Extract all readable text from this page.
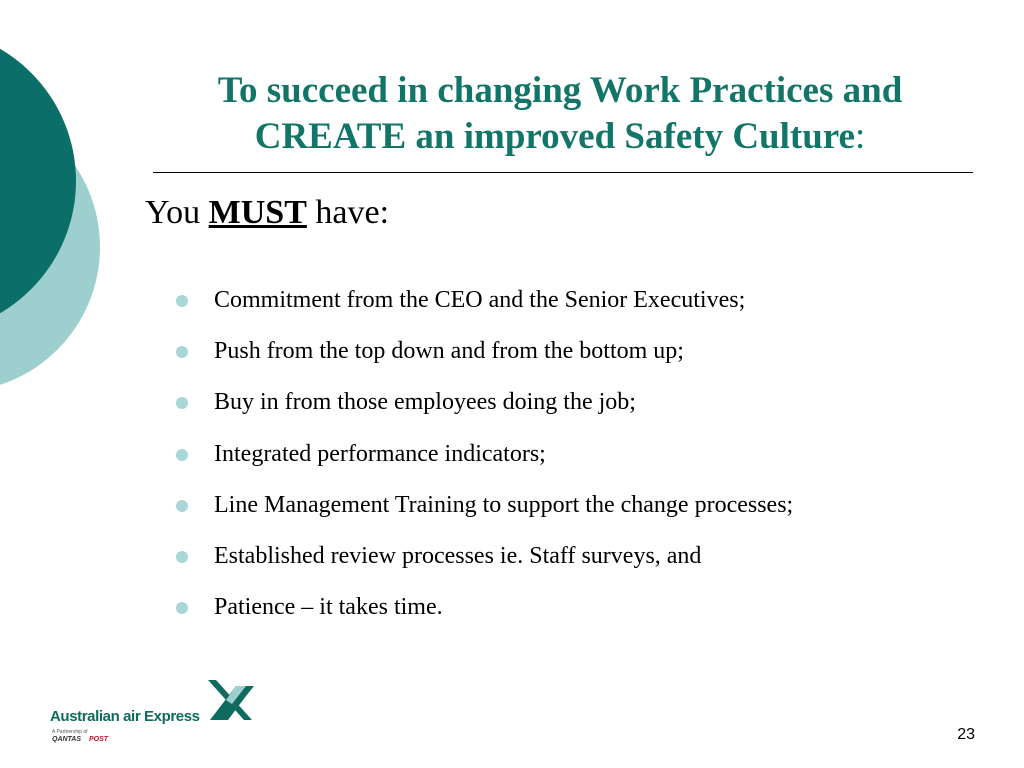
To succeed in changing Work Practices and
CREATE an improved Safety Culture:
You MUST have:
Commitment from the CEO and the Senior Executives;
Push from the top down and from the bottom up;
Buy in from those employees doing the job;
Integrated performance indicators;
Line Management Training to support the change processes;
Established review processes ie. Staff surveys, and
Patience – it takes time.
Australian air Express
A Partnership of
QANTAS POST	23
